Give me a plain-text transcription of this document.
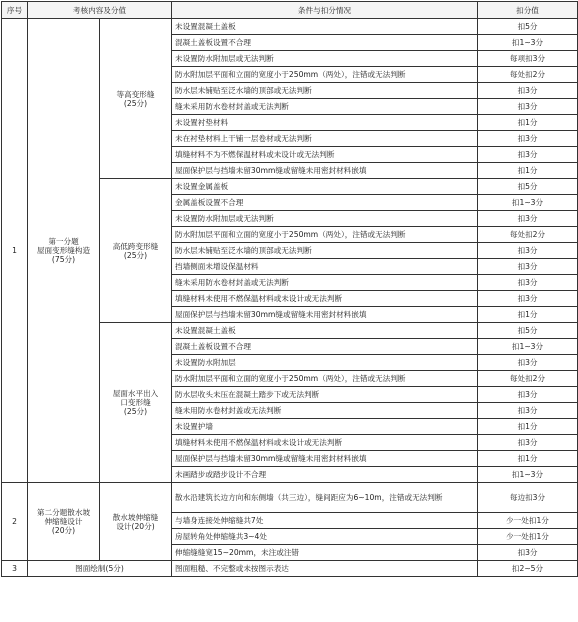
序号	考核内容及分值		条件与扣分情况	扣分值
1	第一分题
屋面变形缝构造
(75分)	等高变形缝
(25分)	未设置混凝土盖板	扣5分
			混凝土盖板设置不合理	扣1~3分
			未设置防水附加层或无法判断	每项扣3分
			防水附加层平面和立面的宽度小于250mm（两处），注错或无法判断	每处扣2分
			防水层未铺贴至泛水墙的顶部或无法判断	扣3分
			缝未采用防水卷材封盖或无法判断	扣3分
			未设置衬垫材料	扣1分
			未在衬垫材料上干铺一层卷材或无法判断	扣3分
			填缝材料不为不燃保温材料或未设计或无法判断	扣3分
			屋面保护层与挡墙未留30mm缝或留缝未用密封材料嵌填	扣1分
		高低跨变形缝
(25分)	未设置金属盖板	扣5分
			金属盖板设置不合理	扣1~3分
			未设置防水附加层或无法判断	扣3分
			防水附加层平面和立面的宽度小于250mm（两处），注错或无法判断	每处扣2分
			防水层未铺贴至泛水墙的顶部或无法判断	扣3分
			挡墙侧面未增设保温材料	扣3分
			缝未采用防水卷材封盖或无法判断	扣3分
			填缝材料未使用不燃保温材料或未设计或无法判断	扣3分
			屋面保护层与挡墙未留30mm缝或留缝未用密封材料嵌填	扣1分
		屋面水平出入
口变形缝
(25分)	未设置混凝土盖板	扣5分
			混凝土盖板设置不合理	扣1~3分
			未设置防水附加层	扣3分
			防水附加层平面和立面的宽度小于250mm（两处），注错或无法判断	每处扣2分
			防水层收头未压在混凝土踏步下或无法判断	扣3分
			缝未用防水卷材封盖或无法判断	扣3分
			未设置护墙	扣1分
			填缝材料未使用不燃保温材料或未设计或无法判断	扣3分
			屋面保护层与挡墙未留30mm缝或留缝未用密封材料嵌填	扣1分
			未画踏步或踏步设计不合理	扣1~3分
2	第二分题散水坡
伸缩缝设计
(20分)	散水坡伸缩缝
设计(20分)	散水沿建筑长边方向和东侧墙（共三边），缝间距应为6~10m，注错或无法判断	每边扣3分
			与墙身连接处伸缩缝共7处	少一处扣1分
			房屋转角处伸缩缝共3~4处	少一处扣1分
			伸缩缝缝宽15~20mm，未注或注错	扣3分
3	图面绘制(5分)		图面粗糙、不完整或未按图示表达	扣2~5分
